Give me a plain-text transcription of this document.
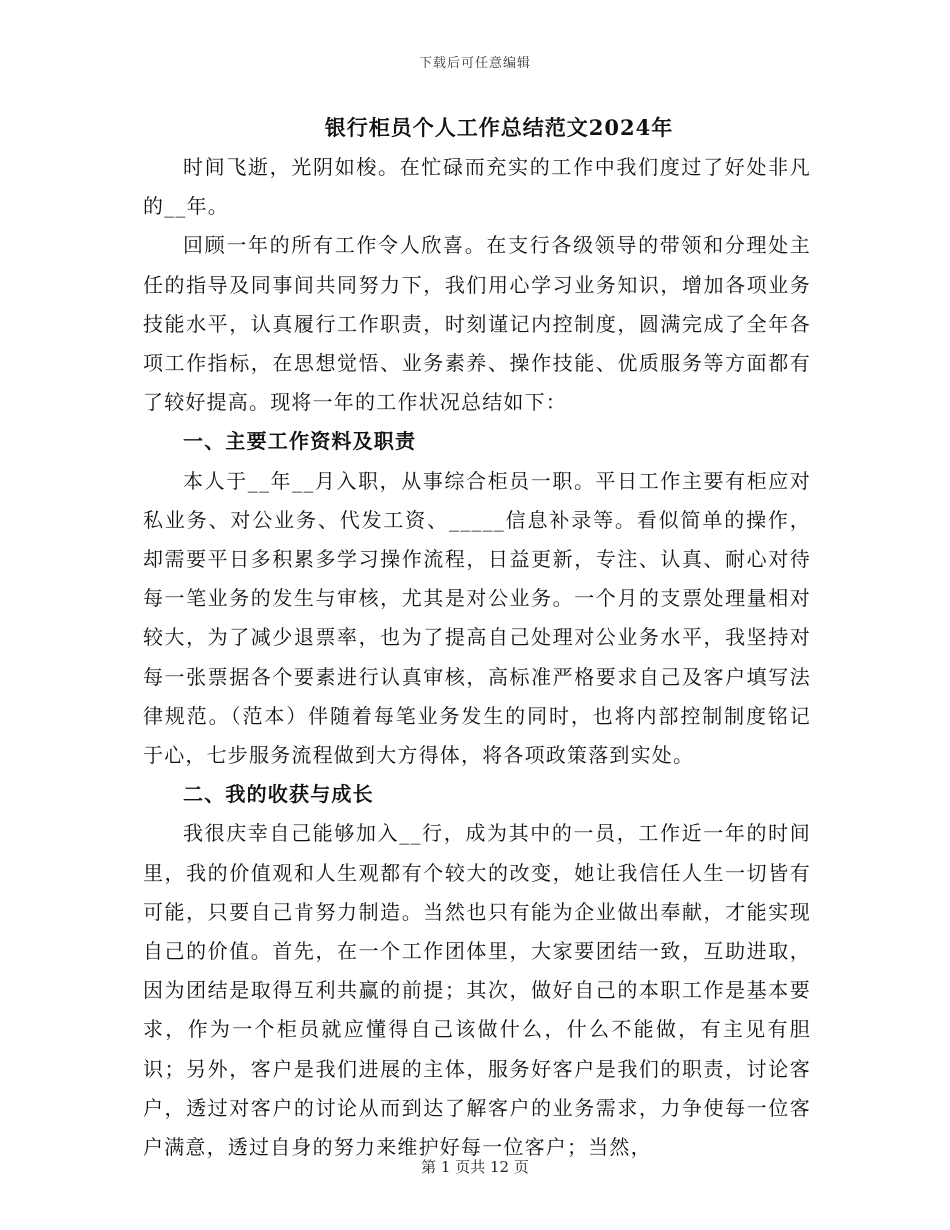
下载后可任意编辑
银行柜员个人工作总结范文2024年

时间飞逝，光阴如梭。在忙碌而充实的工作中我们度过了好处非凡的__年。

回顾一年的所有工作令人欣喜。在支行各级领导的带领和分理处主任的指导及同事间共同努力下，我们用心学习业务知识，增加各项业务技能水平，认真履行工作职责，时刻谨记内控制度，圆满完成了全年各项工作指标，在思想觉悟、业务素养、操作技能、优质服务等方面都有了较好提高。现将一年的工作状况总结如下：

一、主要工作资料及职责

本人于__年__月入职，从事综合柜员一职。平日工作主要有柜应对私业务、对公业务、代发工资、_____信息补录等。看似简单的操作，却需要平日多积累多学习操作流程，日益更新，专注、认真、耐心对待每一笔业务的发生与审核，尤其是对公业务。一个月的支票处理量相对较大，为了减少退票率，也为了提高自己处理对公业务水平，我坚持对每一张票据各个要素进行认真审核，高标准严格要求自己及客户填写法律规范。（范本）伴随着每笔业务发生的同时，也将内部控制制度铭记于心，七步服务流程做到大方得体，将各项政策落到实处。

二、我的收获与成长

我很庆幸自己能够加入__行，成为其中的一员，工作近一年的时间里，我的价值观和人生观都有个较大的改变，她让我信任人生一切皆有可能，只要自己肯努力制造。当然也只有能为企业做出奉献，才能实现自己的价值。首先，在一个工作团体里，大家要团结一致，互助进取，因为团结是取得互利共赢的前提；其次，做好自己的本职工作是基本要求，作为一个柜员就应懂得自己该做什么，什么不能做，有主见有胆识；另外，客户是我们进展的主体，服务好客户是我们的职责，讨论客户，透过对客户的讨论从而到达了解客户的业务需求，力争使每一位客户满意，透过自身的努力来维护好每一位客户；当然，

第 1 页共 12 页
